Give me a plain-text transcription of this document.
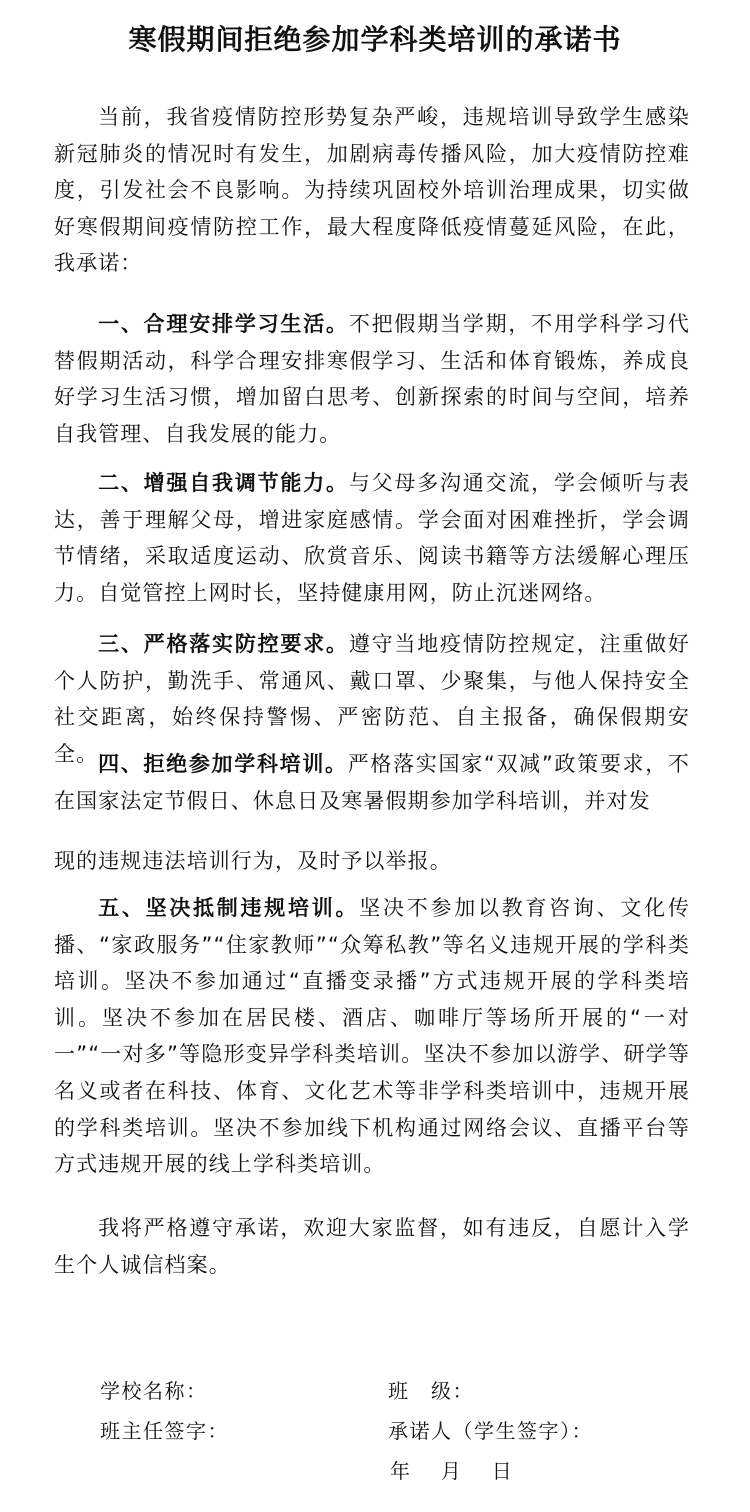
寒假期间拒绝参加学科类培训的承诺书

当前，我省疫情防控形势复杂严峻，违规培训导致学生感染新冠肺炎的情况时有发生，加剧病毒传播风险，加大疫情防控难度，引发社会不良影响。为持续巩固校外培训治理成果，切实做好寒假期间疫情防控工作，最大程度降低疫情蔓延风险，在此，我承诺：

一、合理安排学习生活。不把假期当学期，不用学科学习代替假期活动，科学合理安排寒假学习、生活和体育锻炼，养成良好学习生活习惯，增加留白思考、创新探索的时间与空间，培养自我管理、自我发展的能力。

二、增强自我调节能力。与父母多沟通交流，学会倾听与表达，善于理解父母，增进家庭感情。学会面对困难挫折，学会调节情绪，采取适度运动、欣赏音乐、阅读书籍等方法缓解心理压力。自觉管控上网时长，坚持健康用网，防止沉迷网络。

三、严格落实防控要求。遵守当地疫情防控规定，注重做好个人防护，勤洗手、常通风、戴口罩、少聚集，与他人保持安全社交距离，始终保持警惕、严密防范、自主报备，确保假期安全。 四、拒绝参加学科培训。严格落实国家“双减”政策要求，不在国家法定节假日、休息日及寒暑假期参加学科培训，并对发

现的违规违法培训行为，及时予以举报。

五、坚决抵制违规培训。坚决不参加以教育咨询、文化传播、“家政服务”“住家教师”“众筹私教”等名义违规开展的学科类培训。坚决不参加通过“直播变录播”方式违规开展的学科类培训。坚决不参加在居民楼、酒店、咖啡厅等场所开展的“一对一”“一对多”等隐形变异学科类培训。坚决不参加以游学、研学等名义或者在科技、体育、文化艺术等非学科类培训中，违规开展的学科类培训。坚决不参加线下机构通过网络会议、直播平台等方式违规开展的线上学科类培训。

我将严格遵守承诺，欢迎大家监督，如有违反，自愿计入学生个人诚信档案。

学校名称：	班　级：
班主任签字：	承诺人（学生签字）：
年　 月　 日
